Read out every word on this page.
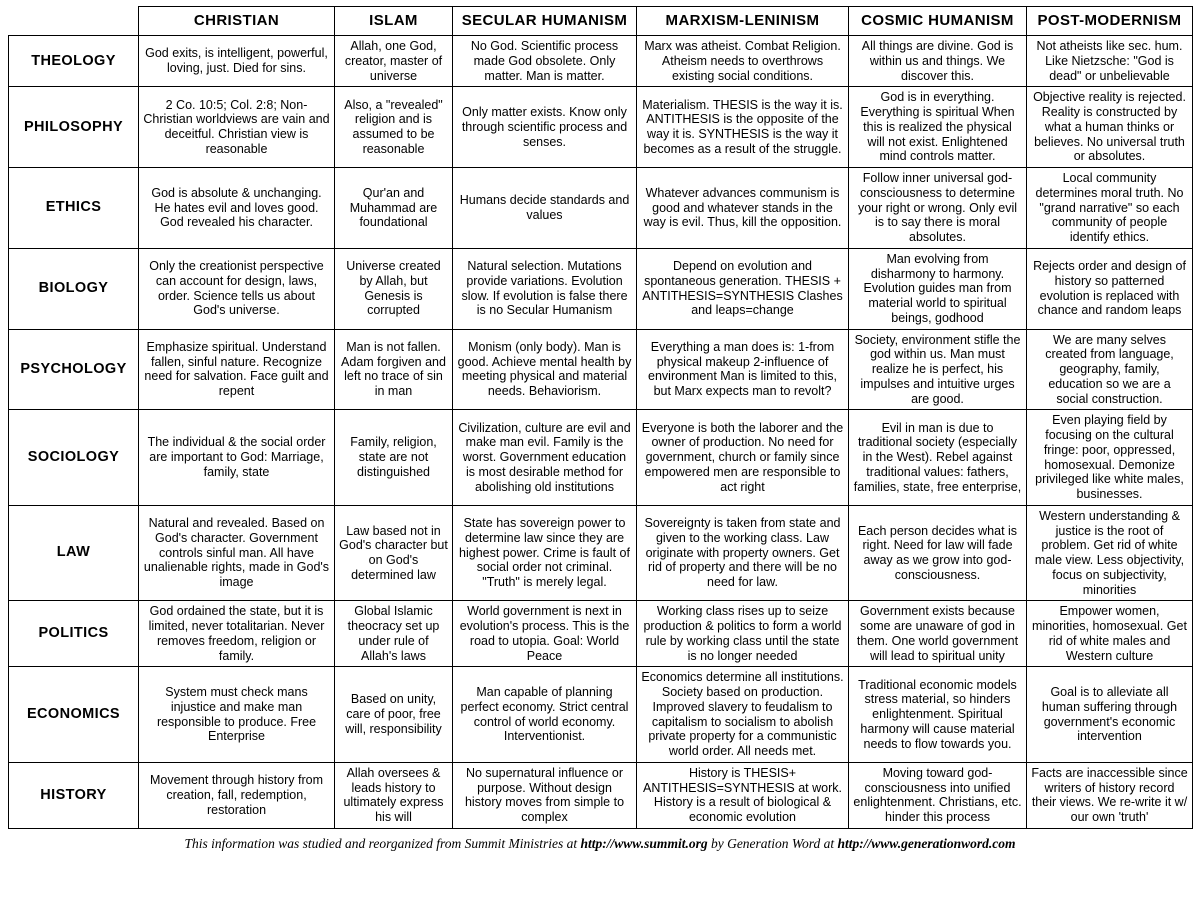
	CHRISTIAN	ISLAM	SECULAR HUMANISM	MARXISM-LENINISM	COSMIC HUMANISM	POST-MODERNISM
THEOLOGY	God exits, is intelligent, powerful, loving, just. Died for sins.	Allah, one God, creator, master of universe	No God. Scientific process made God obsolete. Only matter. Man is matter.	Marx was atheist. Combat Religion. Atheism needs to overthrows existing social conditions.	All things are divine. God is within us and things. We discover this.	Not atheists like sec. hum. Like Nietzsche: "God is dead" or unbelievable
PHILOSOPHY	2 Co. 10:5; Col. 2:8; Non-Christian worldviews are vain and deceitful. Christian view is reasonable	Also, a "revealed" religion and is assumed to be reasonable	Only matter exists. Know only through scientific process and senses.	Materialism. THESIS is the way it is. ANTITHESIS is the opposite of the way it is. SYNTHESIS is the way it becomes as a result of the struggle.	God is in everything. Everything is spiritual When this is realized the physical will not exist. Enlightened mind controls matter.	Objective reality is rejected. Reality is constructed by what a human thinks or believes. No universal truth or absolutes.
ETHICS	God is absolute & unchanging. He hates evil and loves good. God revealed his character.	Qur'an and Muhammad are foundational	Humans decide standards and values	Whatever advances communism is good and whatever stands in the way is evil. Thus, kill the opposition.	Follow inner universal god-consciousness to determine your right or wrong. Only evil is to say there is moral absolutes.	Local community determines moral truth. No "grand narrative" so each community of people identify ethics.
BIOLOGY	Only the creationist perspective can account for design, laws, order. Science tells us about God's universe.	Universe created by Allah, but Genesis is corrupted	Natural selection. Mutations provide variations. Evolution slow. If evolution is false there is no Secular Humanism	Depend on evolution and spontaneous generation. THESIS + ANTITHESIS=SYNTHESIS Clashes and leaps=change	Man evolving from disharmony to harmony. Evolution guides man from material world to spiritual beings, godhood	Rejects order and design of history so patterned evolution is replaced with chance and random leaps
PSYCHOLOGY	Emphasize spiritual. Understand fallen, sinful nature. Recognize need for salvation. Face guilt and repent	Man is not fallen. Adam forgiven and left no trace of sin in man	Monism (only body). Man is good. Achieve mental health by meeting physical and material needs. Behaviorism.	Everything a man does is: 1-from physical makeup 2-influence of environment Man is limited to this, but Marx expects man to revolt?	Society, environment stifle the god within us. Man must realize he is perfect, his impulses and intuitive urges are good.	We are many selves created from language, geography, family, education so we are a social construction.
SOCIOLOGY	The individual & the social order are important to God: Marriage, family, state	Family, religion, state are not distinguished	Civilization, culture are evil and make man evil. Family is the worst. Government education is most desirable method for abolishing old institutions	Everyone is both the laborer and the owner of production. No need for government, church or family since empowered men are responsible to act right	Evil in man is due to traditional society (especially in the West). Rebel against traditional values: fathers, families, state, free enterprise,	Even playing field by focusing on the cultural fringe: poor, oppressed, homosexual. Demonize privileged like white males, businesses.
LAW	Natural and revealed. Based on God's character. Government controls sinful man. All have unalienable rights, made in God's image	Law based not in God's character but on God's determined law	State has sovereign power to determine law since they are highest power. Crime is fault of social order not criminal. "Truth" is merely legal.	Sovereignty is taken from state and given to the working class. Law originate with property owners. Get rid of property and there will be no need for law.	Each person decides what is right. Need for law will fade away as we grow into god-consciousness.	Western understanding & justice is the root of problem. Get rid of white male view. Less objectivity, focus on subjectivity, minorities
POLITICS	God ordained the state, but it is limited, never totalitarian. Never removes freedom, religion or family.	Global Islamic theocracy set up under rule of Allah's laws	World government is next in evolution's process. This is the road to utopia. Goal: World Peace	Working class rises up to seize production & politics to form a world rule by working class until the state is no longer needed	Government exists because some are unaware of god in them. One world government will lead to spiritual unity	Empower women, minorities, homosexual. Get rid of white males and Western culture
ECONOMICS	System must check mans injustice and make man responsible to produce. Free Enterprise	Based on unity, care of poor, free will, responsibility	Man capable of planning perfect economy. Strict central control of world economy. Interventionist.	Economics determine all institutions. Society based on production. Improved slavery to feudalism to capitalism to socialism to abolish private property for a communistic world order. All needs met.	Traditional economic models stress material, so hinders enlightenment. Spiritual harmony will cause material needs to flow towards you.	Goal is to alleviate all human suffering through government's economic intervention
HISTORY	Movement through history from creation, fall, redemption, restoration	Allah oversees & leads history to ultimately express his will	No supernatural influence or purpose. Without design history moves from simple to complex	History is THESIS+ ANTITHESIS=SYNTHESIS at work. History is a result of biological & economic evolution	Moving toward god-consciousness into unified enlightenment. Christians, etc. hinder this process	Facts are inaccessible since writers of history record their views. We re-write it w/ our own 'truth'
This information was studied and reorganized from Summit Ministries at http://www.summit.org by Generation Word at http://www.generationword.com
